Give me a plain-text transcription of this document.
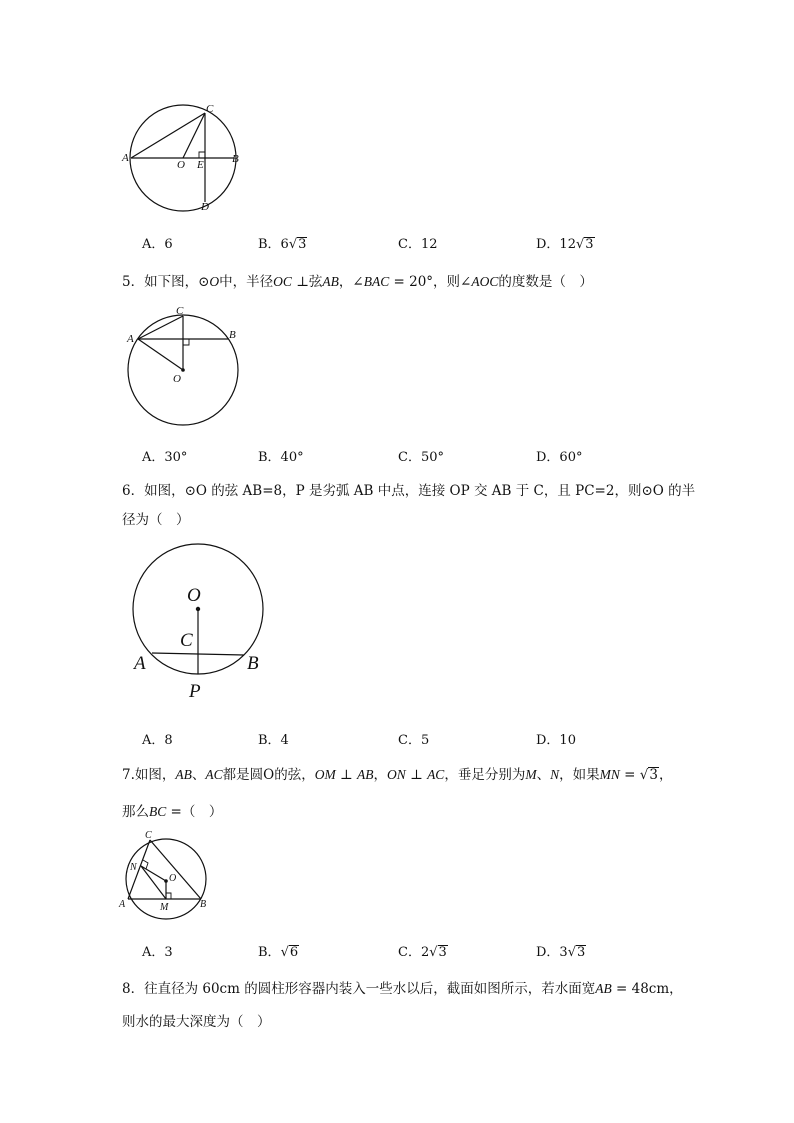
C
A
O E	B
D
A．6	B．6√3	C．12	D．12√3
5．如下图，⊙O中，半径OC ⊥弦AB，∠BAC = 20°，则∠AOC的度数是（　）
C
A	B
O
A．30°	B．40°	C．50°	D．60°
6．如图，⊙O 的弦 AB=8，P 是劣弧 AB 中点，连接 OP 交 AB 于 C，且 PC=2，则⊙O 的半
径为（　）
O
C
A	B
P
A．8	B．4	C．5	D．10
7.如图，AB、AC都是圆O的弦，OM ⊥ AB，ON ⊥ AC，垂足分别为M、N，如果MN = √3，
那么BC =（　）
C
N
O
A	M	B
A．3	B．√6	C．2√3	D．3√3
8．往直径为 60cm 的圆柱形容器内装入一些水以后，截面如图所示，若水面宽AB = 48cm，
则水的最大深度为（　）
